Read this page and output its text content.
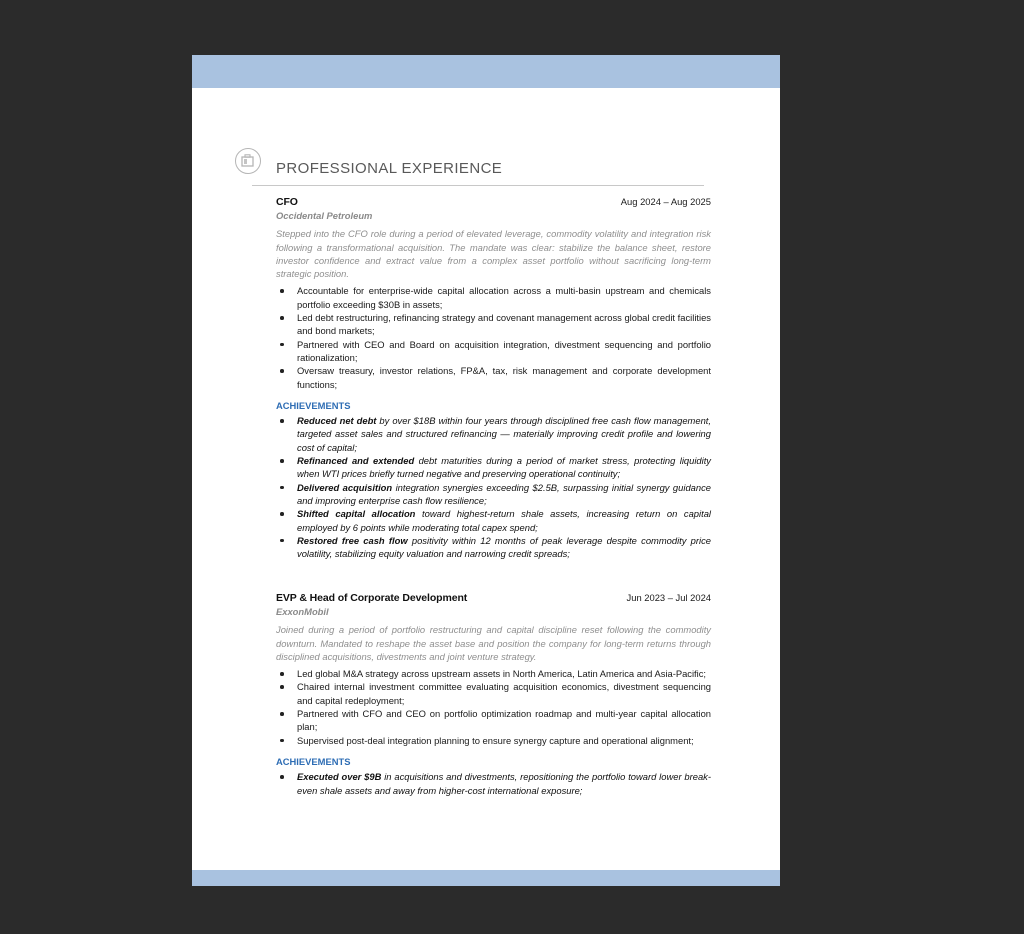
PROFESSIONAL EXPERIENCE
CFO	Aug 2024 – Aug 2025
Occidental Petroleum
Stepped into the CFO role during a period of elevated leverage, commodity volatility and integration risk following a transformational acquisition. The mandate was clear: stabilize the balance sheet, restore investor confidence and extract value from a complex asset portfolio without sacrificing long-term strategic position.
Accountable for enterprise-wide capital allocation across a multi-basin upstream and chemicals portfolio exceeding $30B in assets;
Led debt restructuring, refinancing strategy and covenant management across global credit facilities and bond markets;
Partnered with CEO and Board on acquisition integration, divestment sequencing and portfolio rationalization;
Oversaw treasury, investor relations, FP&A, tax, risk management and corporate development functions;
ACHIEVEMENTS
Reduced net debt by over $18B within four years through disciplined free cash flow management, targeted asset sales and structured refinancing — materially improving credit profile and lowering cost of capital;
Refinanced and extended debt maturities during a period of market stress, protecting liquidity when WTI prices briefly turned negative and preserving operational continuity;
Delivered acquisition integration synergies exceeding $2.5B, surpassing initial synergy guidance and improving enterprise cash flow resilience;
Shifted capital allocation toward highest-return shale assets, increasing return on capital employed by 6 points while moderating total capex spend;
Restored free cash flow positivity within 12 months of peak leverage despite commodity price volatility, stabilizing equity valuation and narrowing credit spreads;
EVP & Head of Corporate Development	Jun 2023 – Jul 2024
ExxonMobil
Joined during a period of portfolio restructuring and capital discipline reset following the commodity downturn. Mandated to reshape the asset base and position the company for long-term returns through disciplined acquisitions, divestments and joint venture strategy.
Led global M&A strategy across upstream assets in North America, Latin America and Asia-Pacific;
Chaired internal investment committee evaluating acquisition economics, divestment sequencing and capital redeployment;
Partnered with CFO and CEO on portfolio optimization roadmap and multi-year capital allocation plan;
Supervised post-deal integration planning to ensure synergy capture and operational alignment;
ACHIEVEMENTS
Executed over $9B in acquisitions and divestments, repositioning the portfolio toward lower break-even shale assets and away from higher-cost international exposure;
